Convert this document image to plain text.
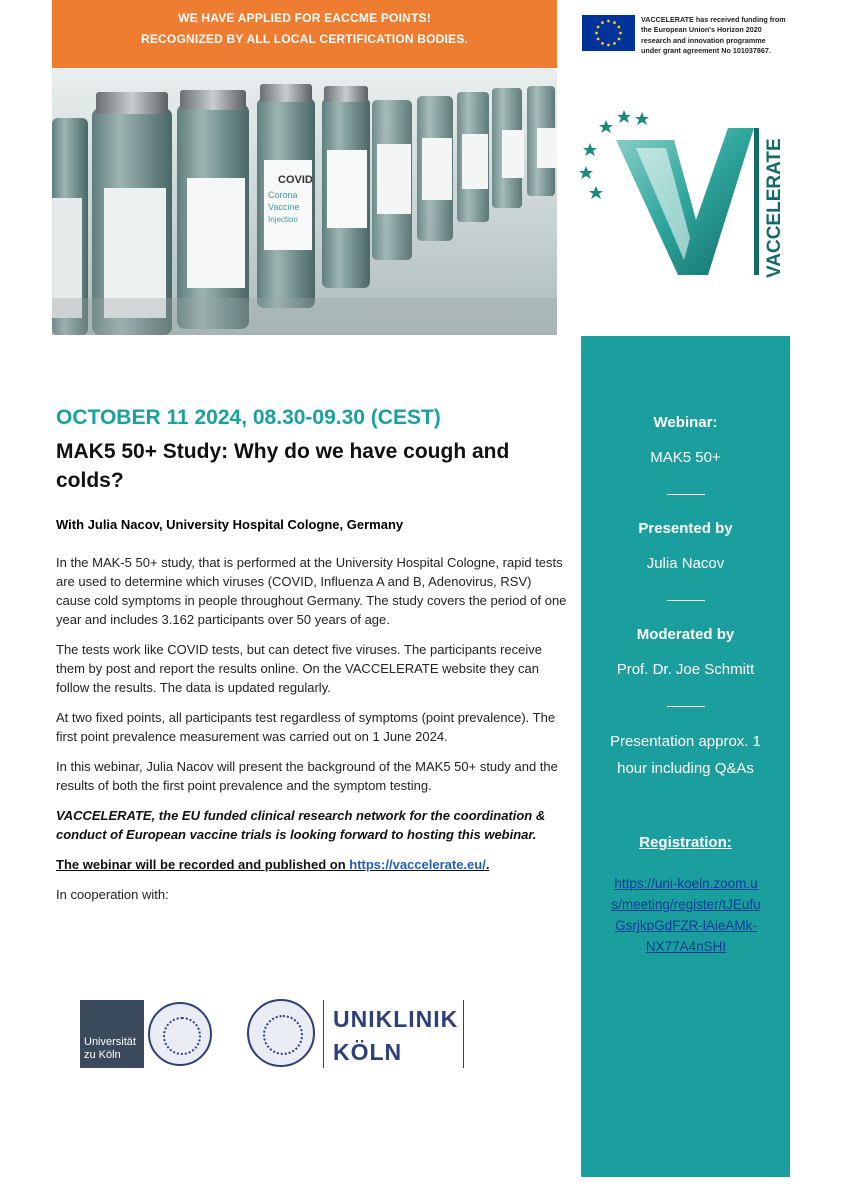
WE HAVE APPLIED FOR EACCME POINTS!
RECOGNIZED BY ALL LOCAL CERTIFICATION BODIES.
COVID
Corona
Vaccine
Injection
VACCELERATE has received funding from
the European Union's Horizon 2020
research and innovation programme
under grant agreement No 101037867.
VACCELERATE
OCTOBER 11 2024, 08.30-09.30 (CEST)
MAK5 50+ Study: Why do we have cough and
colds?
With Julia Nacov, University Hospital Cologne, Germany

In the MAK-5 50+ study, that is performed at the University Hospital Cologne, rapid tests are used to determine which viruses (COVID, Influenza A and B, Adenovirus, RSV) cause cold symptoms in people throughout Germany. The study covers the period of one year and includes 3.162 participants over 50 years of age.

The tests work like COVID tests, but can detect five viruses. The participants receive them by post and report the results online. On the VACCELERATE website they can follow the results. The data is updated regularly.

At two fixed points, all participants test regardless of symptoms (point prevalence). The first point prevalence measurement was carried out on 1 June 2024.

In this webinar, Julia Nacov will present the background of the MAK5 50+ study and the results of both the first point prevalence and the symptom testing.

VACCELERATE, the EU funded clinical research network for the coordination & conduct of European vaccine trials is looking forward to hosting this webinar.

The webinar will be recorded and published on https://vaccelerate.eu/.

In cooperation with:

Universität
zu Köln
UNIKLINIK
KÖLN
Webinar:
MAK5 50+
Presented by
Julia Nacov
Moderated by
Prof. Dr. Joe Schmitt
Presentation approx. 1 hour including Q&As
Registration:
https://uni-koeln.zoom.us/meeting/register/tJEufuGsrjkpGdFZR-lAieAMk-NX77A4nSHI
